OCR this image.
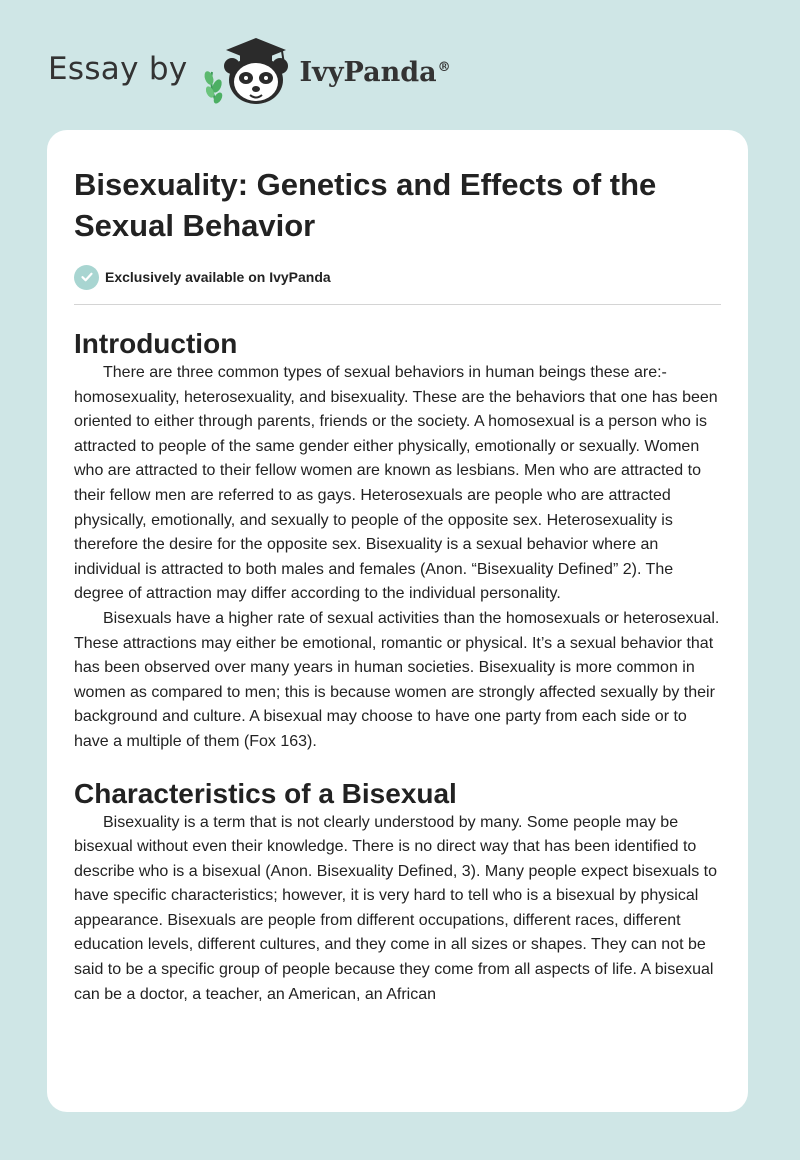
Essay by	IvyPanda®
Bisexuality: Genetics and Effects of the Sexual Behavior
Exclusively available on IvyPanda
Introduction

There are three common types of sexual behaviors in human beings these are:- homosexuality, heterosexuality, and bisexuality. These are the behaviors that one has been oriented to either through parents, friends or the society. A homosexual is a person who is attracted to people of the same gender either physically, emotionally or sexually. Women who are attracted to their fellow women are known as lesbians. Men who are attracted to their fellow men are referred to as gays. Heterosexuals are people who are attracted physically, emotionally, and sexually to people of the opposite sex. Heterosexuality is therefore the desire for the opposite sex. Bisexuality is a sexual behavior where an individual is attracted to both males and females (Anon. “Bisexuality Defined” 2). The degree of attraction may differ according to the individual personality.

Bisexuals have a higher rate of sexual activities than the homosexuals or heterosexual. These attractions may either be emotional, romantic or physical. It’s a sexual behavior that has been observed over many years in human societies. Bisexuality is more common in women as compared to men; this is because women are strongly affected sexually by their background and culture. A bisexual may choose to have one party from each side or to have a multiple of them (Fox 163).

Characteristics of a Bisexual

Bisexuality is a term that is not clearly understood by many. Some people may be bisexual without even their knowledge. There is no direct way that has been identified to describe who is a bisexual (Anon. Bisexuality Defined, 3). Many people expect bisexuals to have specific characteristics; however, it is very hard to tell who is a bisexual by physical appearance. Bisexuals are people from different occupations, different races, different education levels, different cultures, and they come in all sizes or shapes. They can not be said to be a specific group of people because they come from all aspects of life. A bisexual can be a doctor, a teacher, an American, an African
